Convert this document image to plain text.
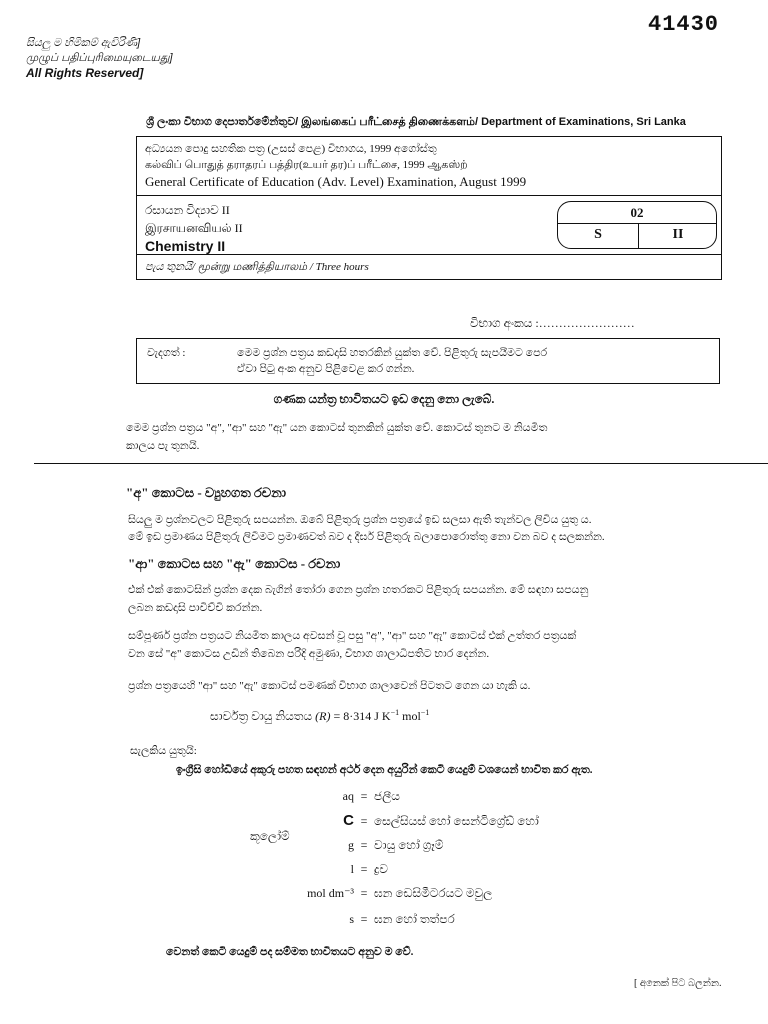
41430
සියලු ම හිමිකම් ඇවිරිණි]
முழுப் பதிப்புரிமையுடையது]
All Rights Reserved]
ශ්‍රී ලංකා විභාග දෙපාර්තමේන්තුව/ இலங்கைப் பரீட்சைத் திணைக்களம்/ Department of Examinations, Sri Lanka
අධ්‍යයන පොදු සහතික පත්‍ර (උසස් පෙළ) විභාගය, 1999 අගෝස්තු
கல்விப் பொதுத் தராதரப் பத்திர(உயர் தர)ப் பரீட்சை, 1999 ஆகஸ்ற்
General Certificate of Education (Adv. Level) Examination, August 1999
රසායන විද්‍යාව II
இரசாயனவியல் II
Chemistry II
02
S	II
පැය තුනයි/ மூன்று மணித்தியாலம் / Three hours
විභාග අංකය :……………………
වැදගත් :	මෙම ප්‍රශ්න පත්‍රය කඩදාසි හතරකින් යුක්ත වේ. පිළිතුරු සැපයීමට පෙර
ඒවා පිටු අංක අනුව පිළිවෙළ කර ගන්න.
ගණක යන්ත්‍ර භාවිතයට ඉඩ දෙනු නො ලැබේ.
මෙම ප්‍රශ්න පත්‍රය "අ", "ආ" සහ "ඇ" යන කොටස් තුනකින් යුක්ත වේ. කොටස් තුනට ම නියමිත
කාලය පැ තුනයි.
"අ" කොටස - ව්‍යුහගත රචනා
සියලු ම ප්‍රශ්නවලට පිළිතුරු සපයන්න. ඔබේ පිළිතුරු ප්‍රශ්න පත්‍රයේ ඉඩ සලසා ඇති තැන්වල ලිවිය යුතු ය.
මේ ඉඩ ප්‍රමාණය පිළිතුරු ලිවීමට ප්‍රමාණවත් බව ද දීර්ඝ පිළිතුරු බලාපොරොත්තු නො වන බව ද සලකන්න.
"ආ" කොටස සහ "ඇ" කොටස - රචනා
එක් එක් කොටසින් ප්‍රශ්න දෙක බැගින් තෝරා ගෙන ප්‍රශ්න හතරකට පිළිතුරු සපයන්න. මේ සඳහා සපයනු
ලබන කඩදාසි පාවිච්චි කරන්න.
සම්පූර්ණ ප්‍රශ්න පත්‍රයට නියමිත කාලය අවසන් වූ පසු "අ", "ආ" සහ "ඇ" කොටස් එක් උත්තර පත්‍රයක්
වන සේ "අ" කොටස උඩින් තිබෙන පරිදි අමුණා, විභාග ශාලාධිපතිට භාර දෙන්න.
ප්‍රශ්න පත්‍රයෙහි "ආ" සහ "ඇ" කොටස් පමණක් විභාග ශාලාවෙන් පිටතට ගෙන යා හැකි ය.
සාර්වත්‍ර වායු නියතය (R) = 8·314 J $K^{-1}$ mol$^{-1}$
සැලකිය යුතුයි:
ඉංග්‍රීසි හෝඩියේ අකුරු පහත සඳහන් අර්ථ දෙන අයුරින් කෙටි යෙදුම් වශයෙන් භාවිත කර ඇත.
aq = ජලීය
C = සෙල්සියස් හෝ සෙන්ටිග්‍රේඩ් හෝ කූලෝම්
g = වායු හෝ ග්‍රෑම්
l = ද්‍රව
mol dm⁻³ = ඝන ඩෙසිමීටරයට මවුල
s = ඝන හෝ තත්පර
වෙනත් කෙටි යෙදුම් පද සම්මත භාවිතයට අනුව ම වේ.
[ අනෙක් පිට බලන්න.
